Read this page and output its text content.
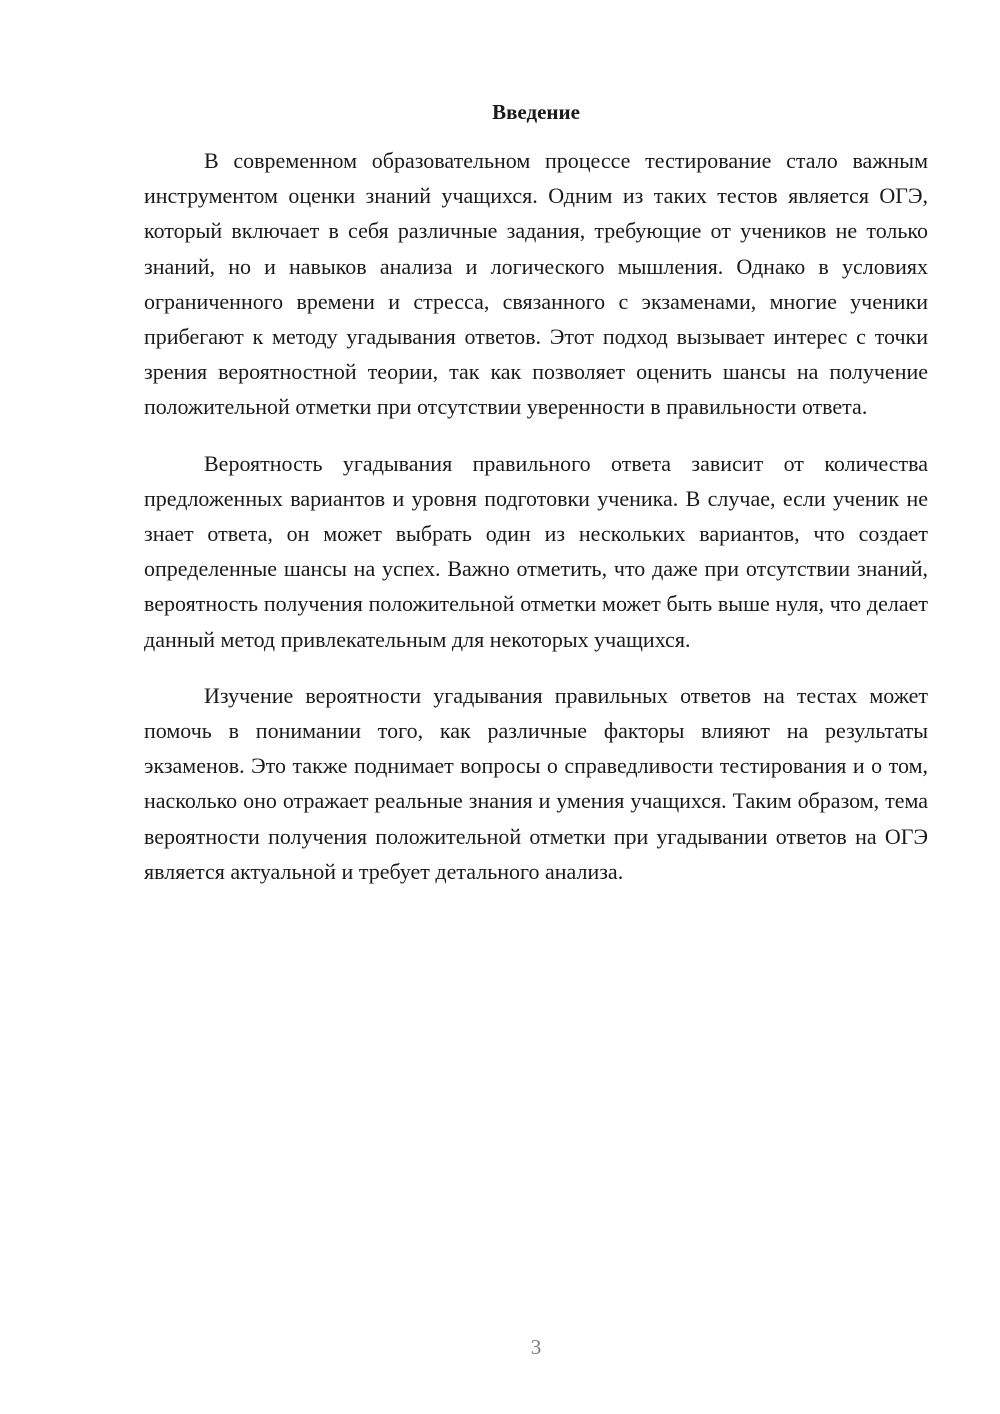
Введение

В современном образовательном процессе тестирование стало важным инструментом оценки знаний учащихся. Одним из таких тестов является ОГЭ, который включает в себя различные задания, требующие от учеников не только знаний, но и навыков анализа и логического мышления. Однако в условиях ограниченного времени и стресса, связанного с экзаменами, многие ученики прибегают к методу угадывания ответов. Этот подход вызывает интерес с точки зрения вероятностной теории, так как позволяет оценить шансы на получение положительной отметки при отсутствии уверенности в правильности ответа.

Вероятность угадывания правильного ответа зависит от количества предложенных вариантов и уровня подготовки ученика. В случае, если ученик не знает ответа, он может выбрать один из нескольких вариантов, что создает определенные шансы на успех. Важно отметить, что даже при отсутствии знаний, вероятность получения положительной отметки может быть выше нуля, что делает данный метод привлекательным для некоторых учащихся.

Изучение вероятности угадывания правильных ответов на тестах может помочь в понимании того, как различные факторы влияют на результаты экзаменов. Это также поднимает вопросы о справедливости тестирования и о том, насколько оно отражает реальные знания и умения учащихся. Таким образом, тема вероятности получения положительной отметки при угадывании ответов на ОГЭ является актуальной и требует детального анализа.

3
